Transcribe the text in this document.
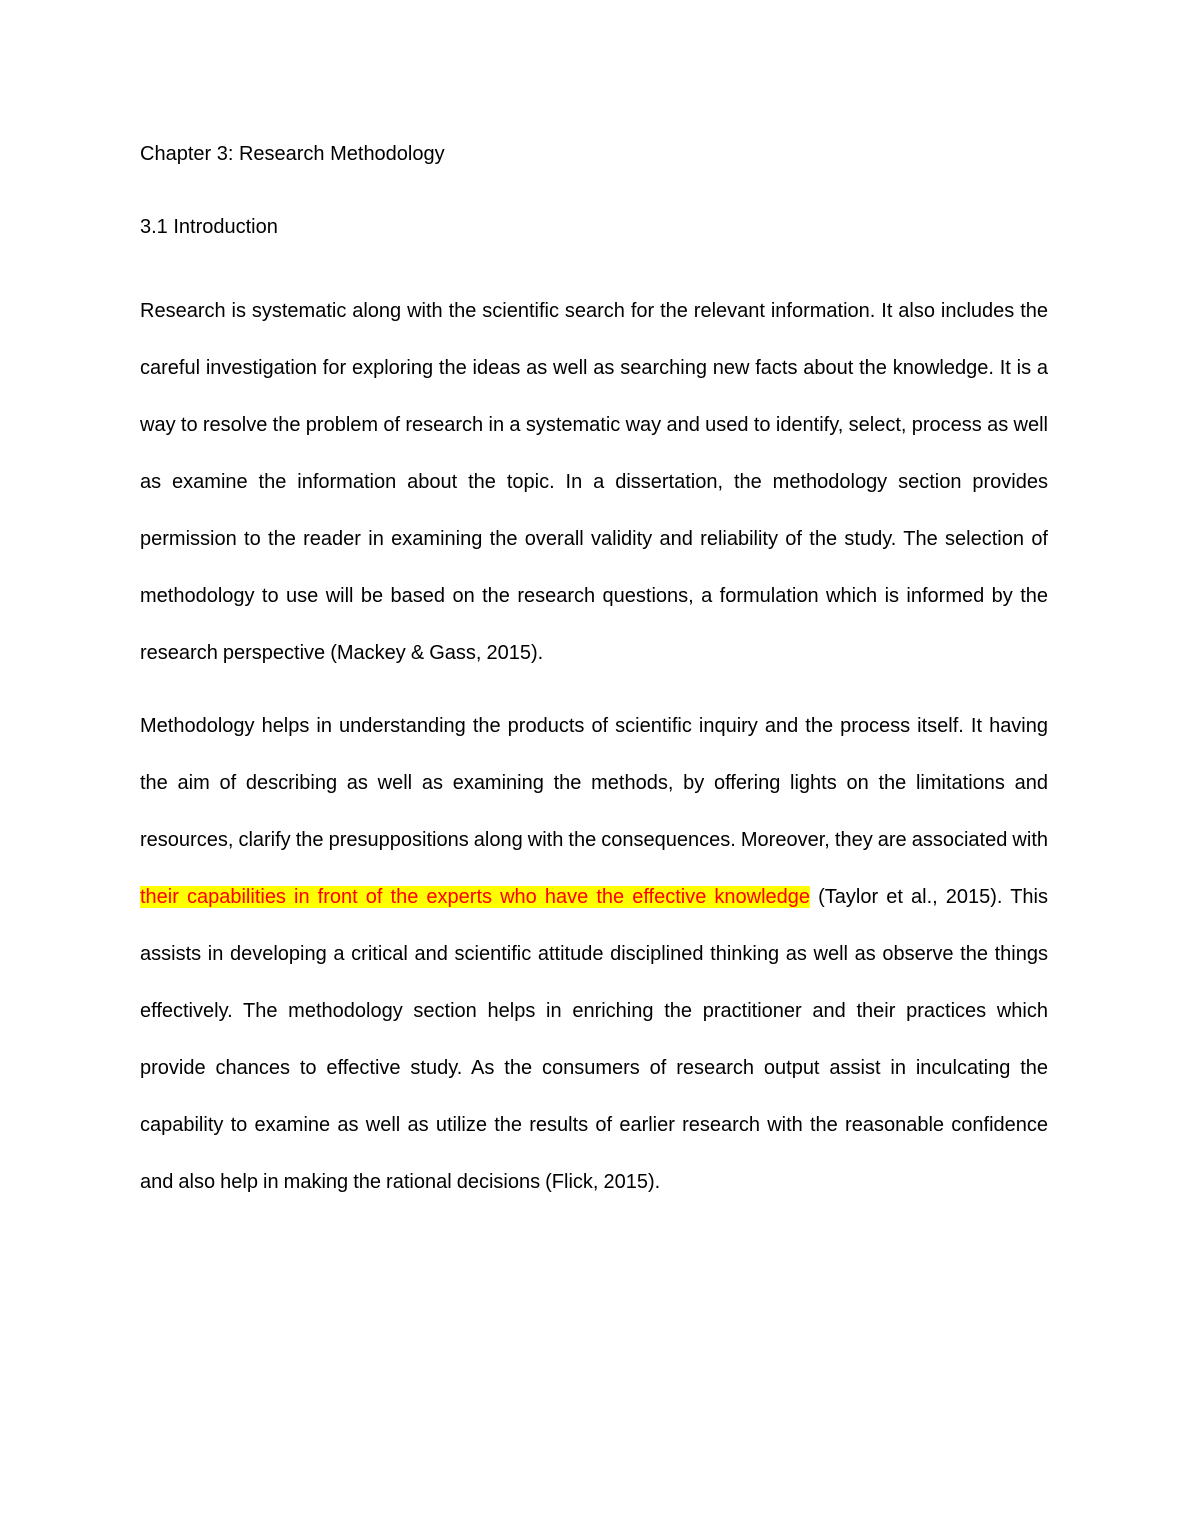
Chapter 3: Research Methodology
3.1 Introduction

Research is systematic along with the scientific search for the relevant information. It also includes the careful investigation for exploring the ideas as well as searching new facts about the knowledge. It is a way to resolve the problem of research in a systematic way and used to identify, select, process as well as examine the information about the topic. In a dissertation, the methodology section provides permission to the reader in examining the overall validity and reliability of the study. The selection of methodology to use will be based on the research questions, a formulation which is informed by the research perspective (Mackey & Gass, 2015).

Methodology helps in understanding the products of scientific inquiry and the process itself. It having the aim of describing as well as examining the methods, by offering lights on the limitations and resources, clarify the presuppositions along with the consequences. Moreover, they are associated with their capabilities in front of the experts who have the effective knowledge (Taylor et al., 2015). This assists in developing a critical and scientific attitude disciplined thinking as well as observe the things effectively. The methodology section helps in enriching the practitioner and their practices which provide chances to effective study. As the consumers of research output assist in inculcating the capability to examine as well as utilize the results of earlier research with the reasonable confidence and also help in making the rational decisions (Flick, 2015).
